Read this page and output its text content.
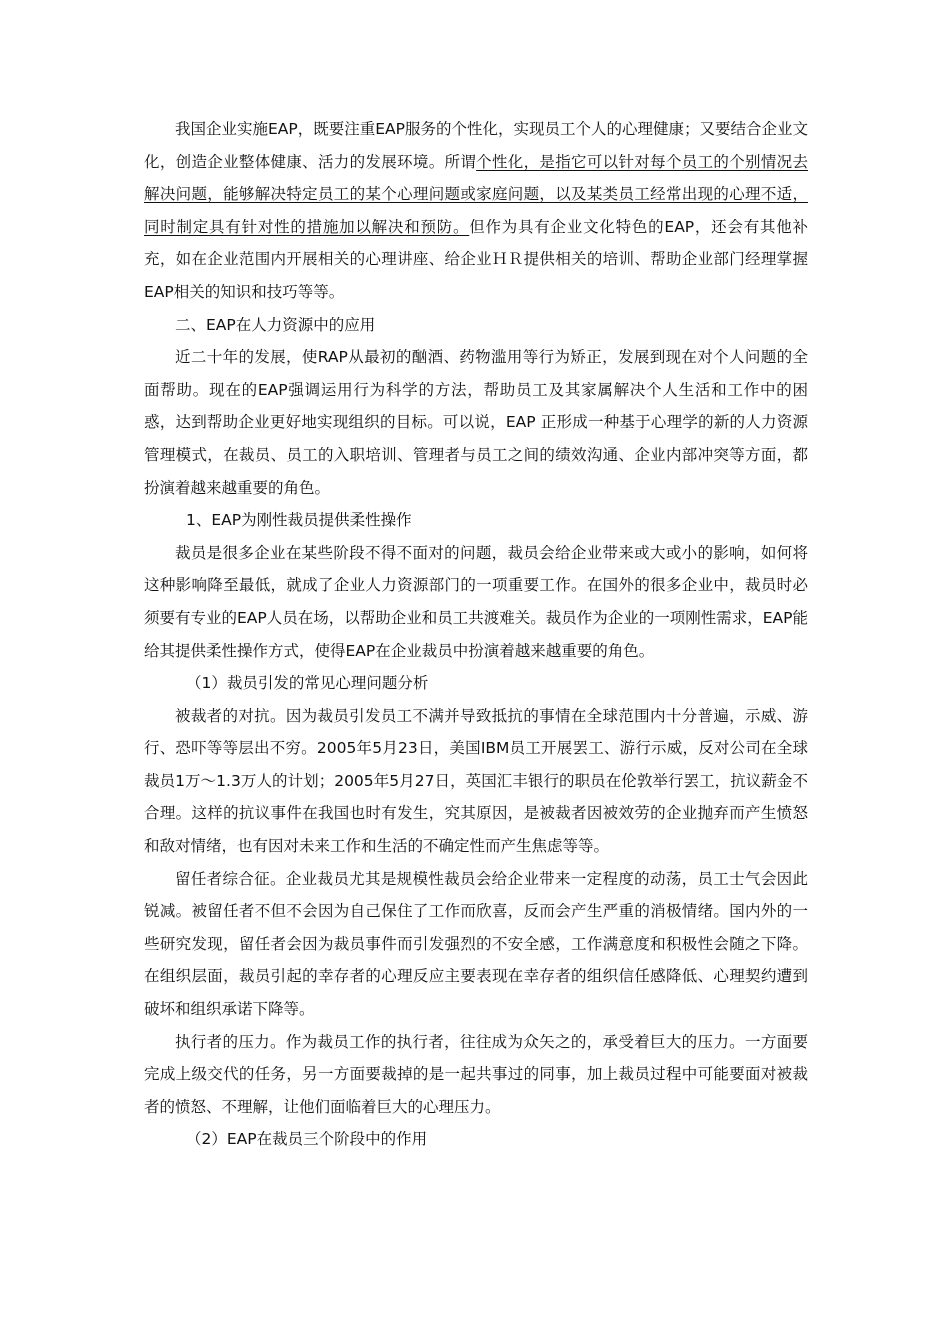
我国企业实施EAP，既要注重EAP服务的个性化，实现员工个人的心理健康；又要结合企业文化，创造企业整体健康、活力的发展环境。所谓个性化，是指它可以针对每个员工的个别情况去解决问题，能够解决特定员工的某个心理问题或家庭问题，以及某类员工经常出现的心理不适，同时制定具有针对性的措施加以解决和预防。但作为具有企业文化特色的EAP，还会有其他补充，如在企业范围内开展相关的心理讲座、给企业ＨＲ提供相关的培训、帮助企业部门经理掌握EAP相关的知识和技巧等等。

二、EAP在人力资源中的应用

近二十年的发展，使RAP从最初的酗酒、药物滥用等行为矫正，发展到现在对个人问题的全面帮助。现在的EAP强调运用行为科学的方法，帮助员工及其家属解决个人生活和工作中的困惑，达到帮助企业更好地实现组织的目标。可以说，EAP 正形成一种基于心理学的新的人力资源管理模式，在裁员、员工的入职培训、管理者与员工之间的绩效沟通、企业内部冲突等方面，都扮演着越来越重要的角色。

1、EAP为刚性裁员提供柔性操作

裁员是很多企业在某些阶段不得不面对的问题，裁员会给企业带来或大或小的影响，如何将这种影响降至最低，就成了企业人力资源部门的一项重要工作。在国外的很多企业中，裁员时必须要有专业的EAP人员在场，以帮助企业和员工共渡难关。裁员作为企业的一项刚性需求，EAP能给其提供柔性操作方式，使得EAP在企业裁员中扮演着越来越重要的角色。

（1）裁员引发的常见心理问题分析

被裁者的对抗。因为裁员引发员工不满并导致抵抗的事情在全球范围内十分普遍，示威、游行、恐吓等等层出不穷。2005年5月23日，美国IBM员工开展罢工、游行示威，反对公司在全球裁员1万～1.3万人的计划；2005年5月27日，英国汇丰银行的职员在伦敦举行罢工，抗议薪金不合理。这样的抗议事件在我国也时有发生，究其原因，是被裁者因被效劳的企业抛弃而产生愤怒和敌对情绪，也有因对未来工作和生活的不确定性而产生焦虑等等。

留任者综合征。企业裁员尤其是规模性裁员会给企业带来一定程度的动荡，员工士气会因此锐减。被留任者不但不会因为自己保住了工作而欣喜，反而会产生严重的消极情绪。国内外的一些研究发现，留任者会因为裁员事件而引发强烈的不安全感，工作满意度和积极性会随之下降。在组织层面，裁员引起的幸存者的心理反应主要表现在幸存者的组织信任感降低、心理契约遭到破坏和组织承诺下降等。

执行者的压力。作为裁员工作的执行者，往往成为众矢之的，承受着巨大的压力。一方面要完成上级交代的任务，另一方面要裁掉的是一起共事过的同事，加上裁员过程中可能要面对被裁者的愤怒、不理解，让他们面临着巨大的心理压力。

（2）EAP在裁员三个阶段中的作用
